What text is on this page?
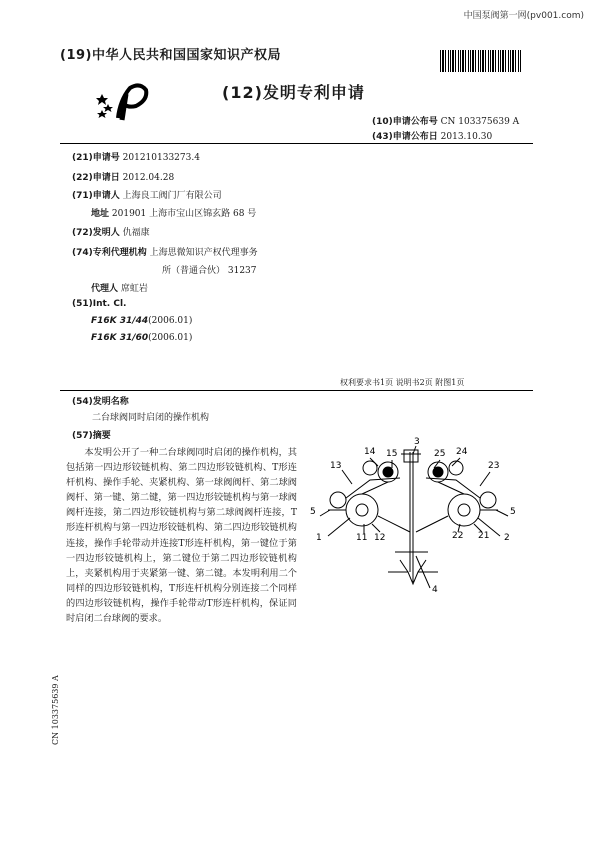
中国泵阀第一网(pv001.com)
(19)中华人民共和国国家知识产权局
(12)发明专利申请
(10)申请公布号 CN 103375639 A
(43)申请公布日 2013.10.30
(21)申请号 201210133273.4
(22)申请日 2012.04.28
(71)申请人 上海良工阀门厂有限公司
地址 201901 上海市宝山区锦玄路 68 号
(72)发明人 仇福康
(74)专利代理机构 上海思微知识产权代理事务
所（普通合伙） 31237
代理人 席虹岩
(51)Int. Cl.
F16K 31/44(2006.01)
F16K 31/60(2006.01)
权利要求书1页 说明书2页 附图1页
(54)发明名称
二台球阀同时启闭的操作机构
(57)摘要
本发明公开了一种二台球阀同时启闭的操作机构，其包括第一四边形铰链机构、第二四边形铰链机构、T形连杆机构、操作手轮、夹紧机构、第一球阀阀杆、第二球阀阀杆、第一键、第二键，第一四边形铰链机构与第一球阀阀杆连接，第二四边形铰链机构与第二球阀阀杆连接，T形连杆机构与第一四边形铰链机构、第二四边形铰链机构连接，操作手轮带动并连接T形连杆机构，第一键位于第一四边形铰链机构上，第二键位于第二四边形铰链机构上，夹紧机构用于夹紧第一键、第二键。本发明利用二个同样的四边形铰链机构，T形连杆机构分别连接二个同样的四边形铰链机构，操作手轮带动T形连杆机构，保证同时启闭二台球阀的要求。
3
14 15	25 24
13	23
5	5
1	11 12	22 21 2
4
CN 103375639 A
